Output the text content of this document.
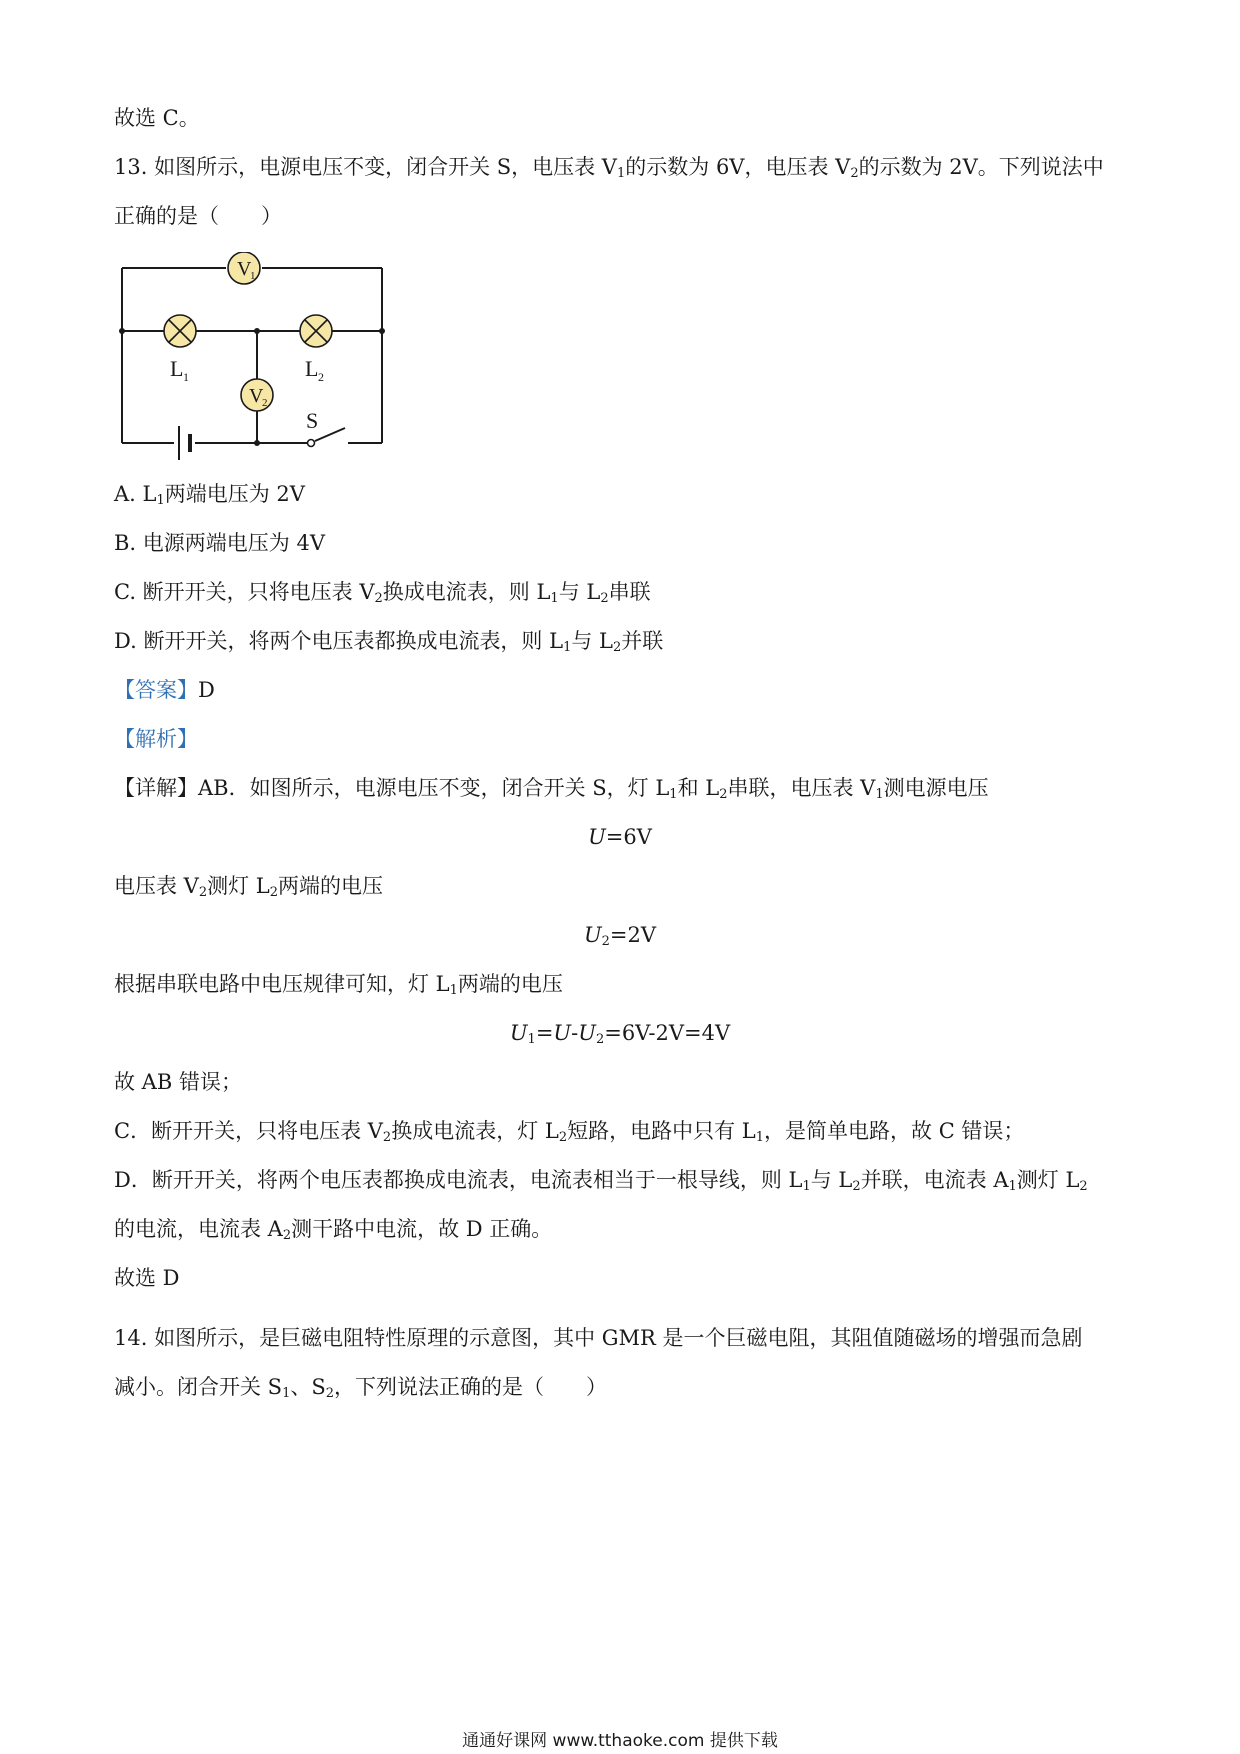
故选 C。
13. 如图所示，电源电压不变，闭合开关 S，电压表 $V_1$的示数为 6V，电压表 $V_2$的示数为 2V。下列说法中
正确的是（　　）
V
1
L 1	L 2
V
2
S
A. $L_1$两端电压为 2V
B. 电源两端电压为 4V
C. 断开开关，只将电压表 $V_2$换成电流表，则 $L_1$与 $L_2$串联
D. 断开开关，将两个电压表都换成电流表，则 $L_1$与 $L_2$并联
【答案】D
【解析】
【详解】AB．如图所示，电源电压不变，闭合开关 S，灯 $L_1$和 $L_2$串联，电压表 $V_1$测电源电压
U=6V
电压表 $V_2$测灯 $L_2$两端的电压
$U_2=2V$
根据串联电路中电压规律可知，灯 $L_1$两端的电压
$U_1=U-U_2=6V-2V=4V$
故 AB 错误；
C．断开开关，只将电压表 $V_2$换成电流表，灯 $L_2$短路，电路中只有 $L_1$，是简单电路，故 C 错误；
D．断开开关，将两个电压表都换成电流表，电流表相当于一根导线，则 $L_1$与 $L_2$并联，电流表 $A_1$测灯 $L_2$
的电流，电流表 $A_2$测干路中电流，故 D 正确。
故选 D
14. 如图所示，是巨磁电阻特性原理的示意图，其中 GMR 是一个巨磁电阻，其阻值随磁场的增强而急剧
减小。闭合开关 $S_1$、$S_2$，下列说法正确的是（　　）
通通好课网 www.tthaoke.com 提供下载
